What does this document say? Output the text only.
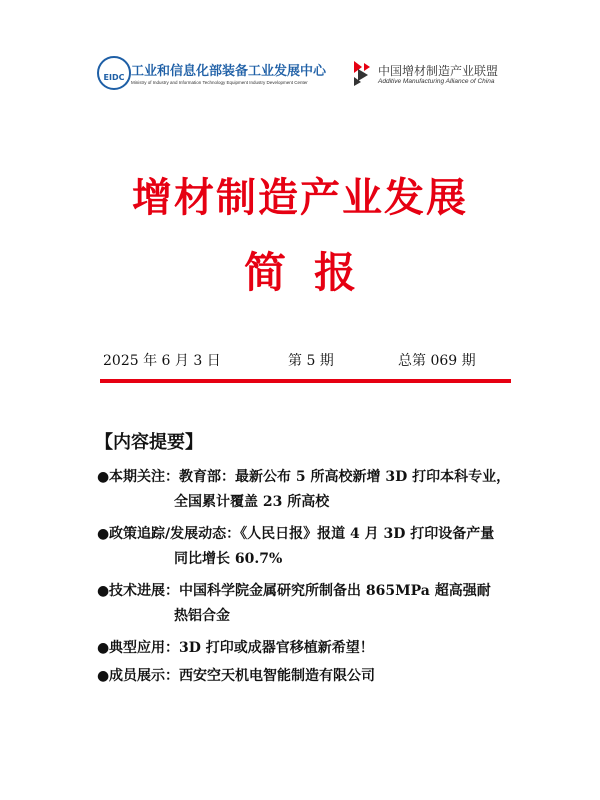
EIDC 工业和信息化部装备工业发展中心
Ministry of Industry and Information Technology Equipment Industry Development Center
中国增材制造产业联盟
Additive Manufacturing Alliance of China
增材制造产业发展
简报
2025 年 6 月 3 日	第 5 期	总第 069 期
【内容提要】
●本期关注：教育部：最新公布 5 所高校新增 3D 打印本科专业，
全国累计覆盖 23 所高校
●政策追踪/发展动态：《人民日报》报道 4 月 3D 打印设备产量
同比增长 60.7%
●技术进展：中国科学院金属研究所制备出 865MPa 超高强耐
热铝合金
●典型应用：3D 打印或成器官移植新希望！
●成员展示：西安空天机电智能制造有限公司
